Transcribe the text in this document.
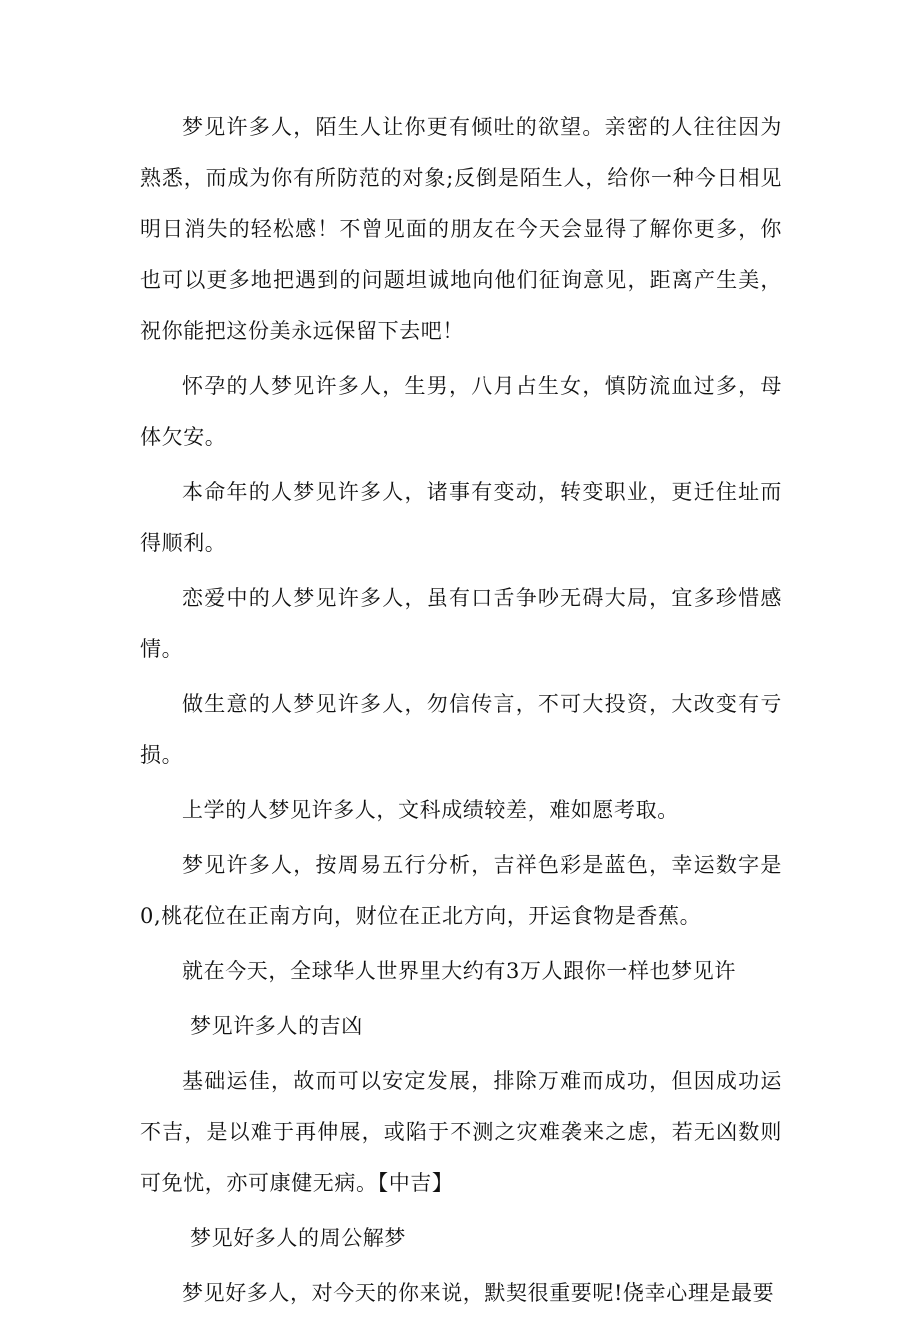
梦见许多人，陌生人让你更有倾吐的欲望。亲密的人往往因为熟悉，而成为你有所防范的对象;反倒是陌生人，给你一种今日相见明日消失的轻松感！不曾见面的朋友在今天会显得了解你更多，你也可以更多地把遇到的问题坦诚地向他们征询意见，距离产生美，祝你能把这份美永远保留下去吧！

怀孕的人梦见许多人，生男，八月占生女，慎防流血过多，母体欠安。

本命年的人梦见许多人，诸事有变动，转变职业，更迁住址而得顺利。

恋爱中的人梦见许多人，虽有口舌争吵无碍大局，宜多珍惜感情。

做生意的人梦见许多人，勿信传言，不可大投资，大改变有亏损。

上学的人梦见许多人，文科成绩较差，难如愿考取。

梦见许多人，按周易五行分析，吉祥色彩是蓝色，幸运数字是0,桃花位在正南方向，财位在正北方向，开运食物是香蕉。

就在今天，全球华人世界里大约有3万人跟你一样也梦见许

梦见许多人的吉凶

基础运佳，故而可以安定发展，排除万难而成功，但因成功运不吉，是以难于再伸展，或陷于不测之灾难袭来之虑，若无凶数则可免忧，亦可康健无病。【中吉】

梦见好多人的周公解梦

梦见好多人，对今天的你来说，默契很重要呢!侥幸心理是最要
